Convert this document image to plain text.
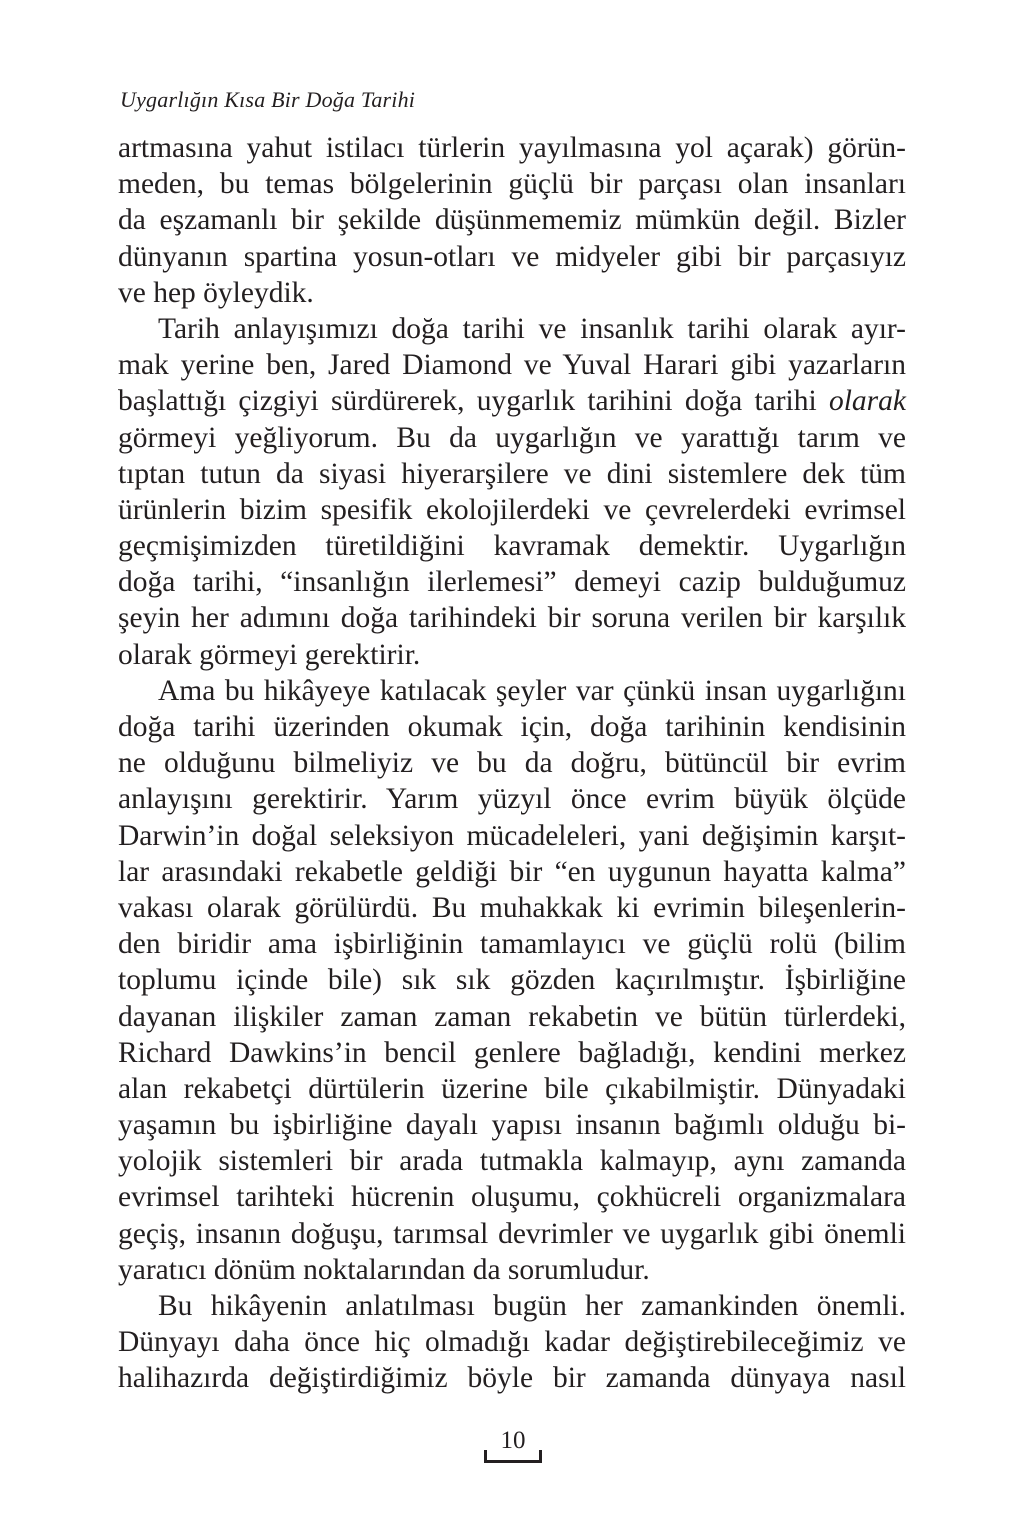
Uygarlığın Kısa Bir Doğa Tarihi
artmasına yahut istilacı türlerin yayılmasına yol açarak) görün-
meden, bu temas bölgelerinin güçlü bir parçası olan insanları
da eşzamanlı bir şekilde düşünmememiz mümkün değil. Bizler
dünyanın spartina yosun-otları ve midyeler gibi bir parçasıyız
ve hep öyleydik.
Tarih anlayışımızı doğa tarihi ve insanlık tarihi olarak ayır-
mak yerine ben, Jared Diamond ve Yuval Harari gibi yazarların
başlattığı çizgiyi sürdürerek, uygarlık tarihini doğa tarihi olarak
görmeyi yeğliyorum. Bu da uygarlığın ve yarattığı tarım ve
tıptan tutun da siyasi hiyerarşilere ve dini sistemlere dek tüm
ürünlerin bizim spesifik ekolojilerdeki ve çevrelerdeki evrimsel
geçmişimizden türetildiğini kavramak demektir. Uygarlığın
doğa tarihi, “insanlığın ilerlemesi” demeyi cazip bulduğumuz
şeyin her adımını doğa tarihindeki bir soruna verilen bir karşılık
olarak görmeyi gerektirir.
Ama bu hikâyeye katılacak şeyler var çünkü insan uygarlığını
doğa tarihi üzerinden okumak için, doğa tarihinin kendisinin
ne olduğunu bilmeliyiz ve bu da doğru, bütüncül bir evrim
anlayışını gerektirir. Yarım yüzyıl önce evrim büyük ölçüde
Darwin’in doğal seleksiyon mücadeleleri, yani değişimin karşıt-
lar arasındaki rekabetle geldiği bir “en uygunun hayatta kalma”
vakası olarak görülürdü. Bu muhakkak ki evrimin bileşenlerin-
den biridir ama işbirliğinin tamamlayıcı ve güçlü rolü (bilim
toplumu içinde bile) sık sık gözden kaçırılmıştır. İşbirliğine
dayanan ilişkiler zaman zaman rekabetin ve bütün türlerdeki,
Richard Dawkins’in bencil genlere bağladığı, kendini merkez
alan rekabetçi dürtülerin üzerine bile çıkabilmiştir. Dünyadaki
yaşamın bu işbirliğine dayalı yapısı insanın bağımlı olduğu bi-
yolojik sistemleri bir arada tutmakla kalmayıp, aynı zamanda
evrimsel tarihteki hücrenin oluşumu, çokhücreli organizmalara
geçiş, insanın doğuşu, tarımsal devrimler ve uygarlık gibi önemli
yaratıcı dönüm noktalarından da sorumludur.
Bu hikâyenin anlatılması bugün her zamankinden önemli.
Dünyayı daha önce hiç olmadığı kadar değiştirebileceğimiz ve
halihazırda değiştirdiğimiz böyle bir zamanda dünyaya nasıl
10
